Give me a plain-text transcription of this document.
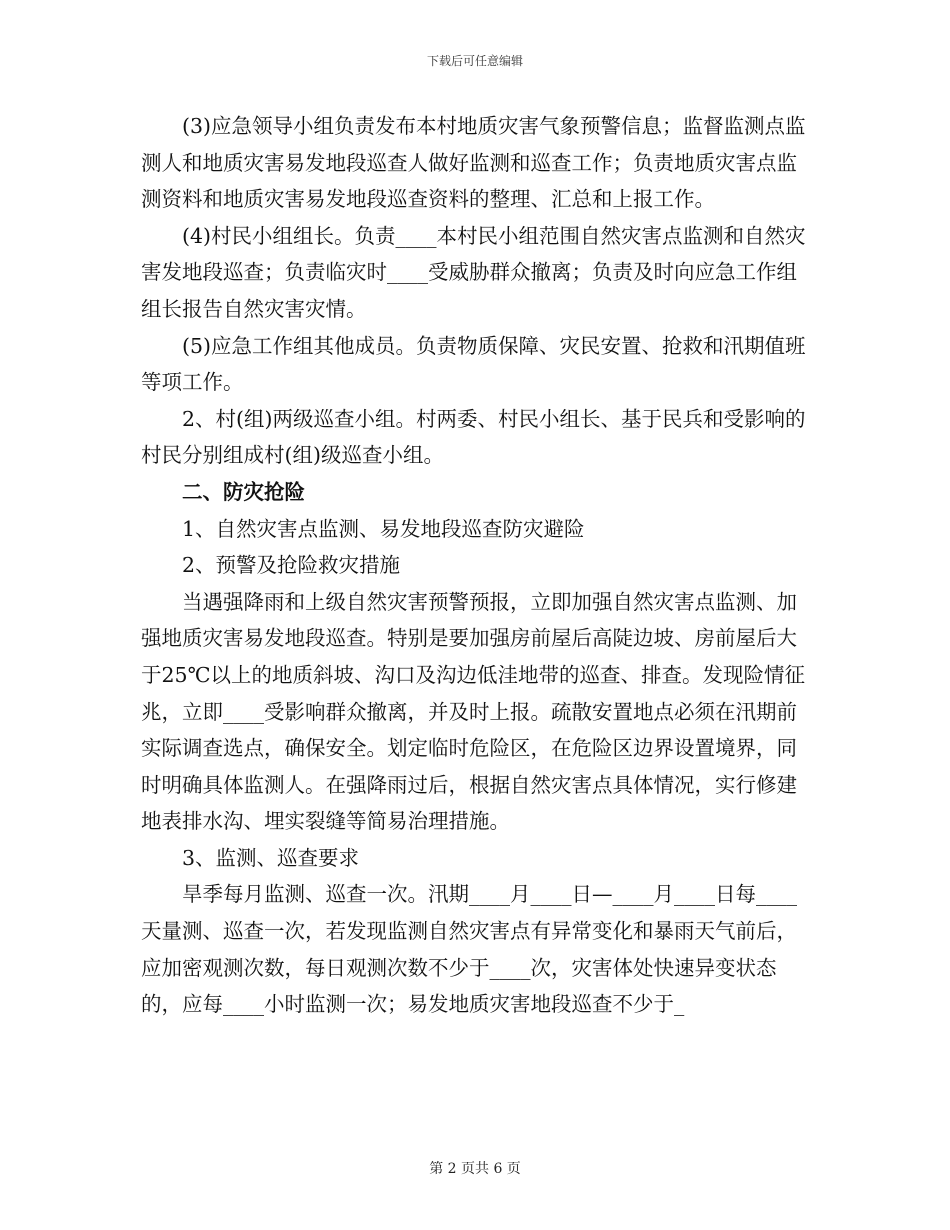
下载后可任意编辑

(3)应急领导小组负责发布本村地质灾害气象预警信息；监督监测点监测人和地质灾害易发地段巡查人做好监测和巡查工作；负责地质灾害点监测资料和地质灾害易发地段巡查资料的整理、汇总和上报工作。

(4)村民小组组长。负责____本村民小组范围自然灾害点监测和自然灾害发地段巡查；负责临灾时____受威胁群众撤离；负责及时向应急工作组组长报告自然灾害灾情。

(5)应急工作组其他成员。负责物质保障、灾民安置、抢救和汛期值班等项工作。

2、村(组)两级巡查小组。村两委、村民小组长、基于民兵和受影响的村民分别组成村(组)级巡查小组。

二、防灾抢险

1、自然灾害点监测、易发地段巡查防灾避险

2、预警及抢险救灾措施

当遇强降雨和上级自然灾害预警预报，立即加强自然灾害点监测、加强地质灾害易发地段巡查。特别是要加强房前屋后高陡边坡、房前屋后大于25℃以上的地质斜坡、沟口及沟边低洼地带的巡查、排查。发现险情征兆，立即____受影响群众撤离，并及时上报。疏散安置地点必须在汛期前实际调查选点，确保安全。划定临时危险区，在危险区边界设置境界，同时明确具体监测人。在强降雨过后，根据自然灾害点具体情况，实行修建地表排水沟、埋实裂缝等简易治理措施。

3、监测、巡查要求

旱季每月监测、巡查一次。汛期____月____日—____月____日每____天量测、巡查一次，若发现监测自然灾害点有异常变化和暴雨天气前后，应加密观测次数，每日观测次数不少于____次，灾害体处快速异变状态的，应每____小时监测一次；易发地质灾害地段巡查不少于_

第 2 页共 6 页
